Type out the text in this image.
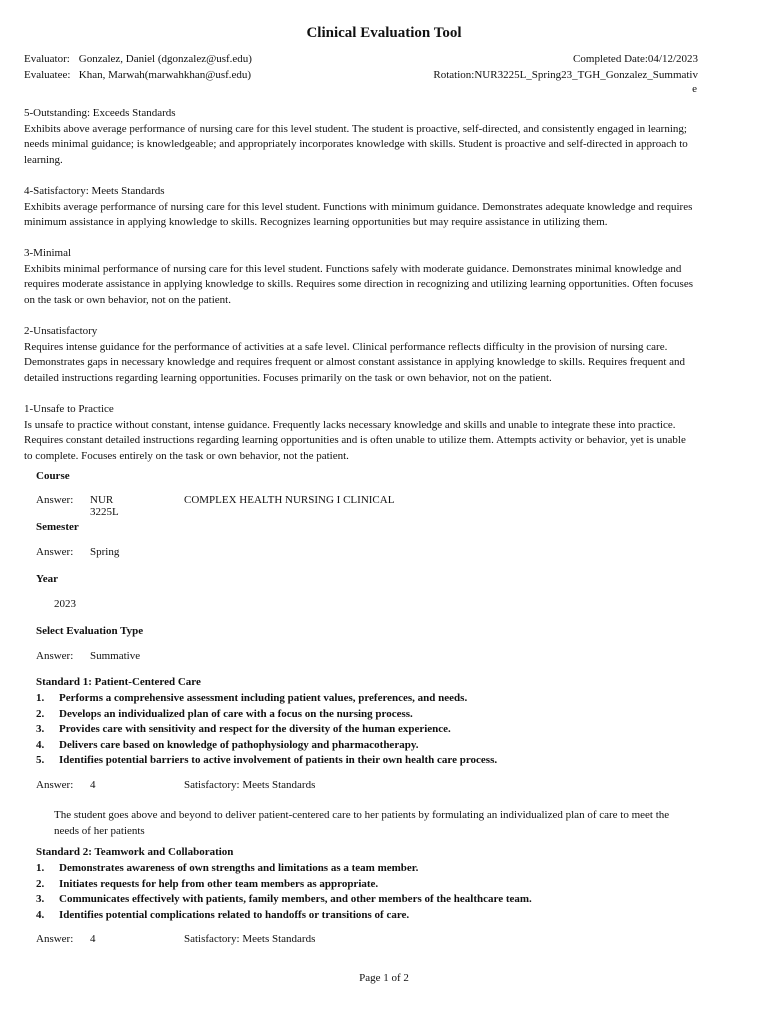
Clinical Evaluation Tool
Evaluator: Gonzalez, Daniel (dgonzalez@usf.edu)
Evaluatee: Khan, Marwah(marwahkhan@usf.edu)
Completed Date:04/12/2023
Rotation:NUR3225L_Spring23_TGH_Gonzalez_Summativ
e
5-Outstanding: Exceeds Standards
Exhibits above average performance of nursing care for this level student. The student is proactive, self-directed, and consistently engaged in learning; needs minimal guidance; is knowledgeable; and appropriately incorporates knowledge with skills. Student is proactive and self-directed in approach to learning.
4-Satisfactory: Meets Standards
Exhibits average performance of nursing care for this level student. Functions with minimum guidance. Demonstrates adequate knowledge and requires minimum assistance in applying knowledge to skills. Recognizes learning opportunities but may require assistance in utilizing them.
3-Minimal
Exhibits minimal performance of nursing care for this level student. Functions safely with moderate guidance. Demonstrates minimal knowledge and requires moderate assistance in applying knowledge to skills. Requires some direction in recognizing and utilizing learning opportunities. Often focuses on the task or own behavior, not on the patient.
2-Unsatisfactory
Requires intense guidance for the performance of activities at a safe level. Clinical performance reflects difficulty in the provision of nursing care. Demonstrates gaps in necessary knowledge and requires frequent or almost constant assistance in applying knowledge to skills. Requires frequent and detailed instructions regarding learning opportunities. Focuses primarily on the task or own behavior, not on the patient.
1-Unsafe to Practice
Is unsafe to practice without constant, intense guidance. Frequently lacks necessary knowledge and skills and unable to integrate these into practice. Requires constant detailed instructions regarding learning opportunities and is often unable to utilize them. Attempts activity or behavior, yet is unable to complete. Focuses entirely on the task or own behavior, not the patient.
Course
Answer: NUR 3225L
COMPLEX HEALTH NURSING I CLINICAL
Semester
Answer: Spring
Year
2023
Select Evaluation Type
Answer: Summative
Standard 1: Patient-Centered Care
1. Performs a comprehensive assessment including patient values, preferences, and needs.
2. Develops an individualized plan of care with a focus on the nursing process.
3. Provides care with sensitivity and respect for the diversity of the human experience.
4. Delivers care based on knowledge of pathophysiology and pharmacotherapy.
5. Identifies potential barriers to active involvement of patients in their own health care process.
Answer: 4	Satisfactory: Meets Standards
The student goes above and beyond to deliver patient-centered care to her patients by formulating an individualized plan of care to meet the needs of her patients
Standard 2: Teamwork and Collaboration
1. Demonstrates awareness of own strengths and limitations as a team member.
2. Initiates requests for help from other team members as appropriate.
3. Communicates effectively with patients, family members, and other members of the healthcare team.
4. Identifies potential complications related to handoffs or transitions of care.
Answer: 4	Satisfactory: Meets Standards
Page 1 of 2
